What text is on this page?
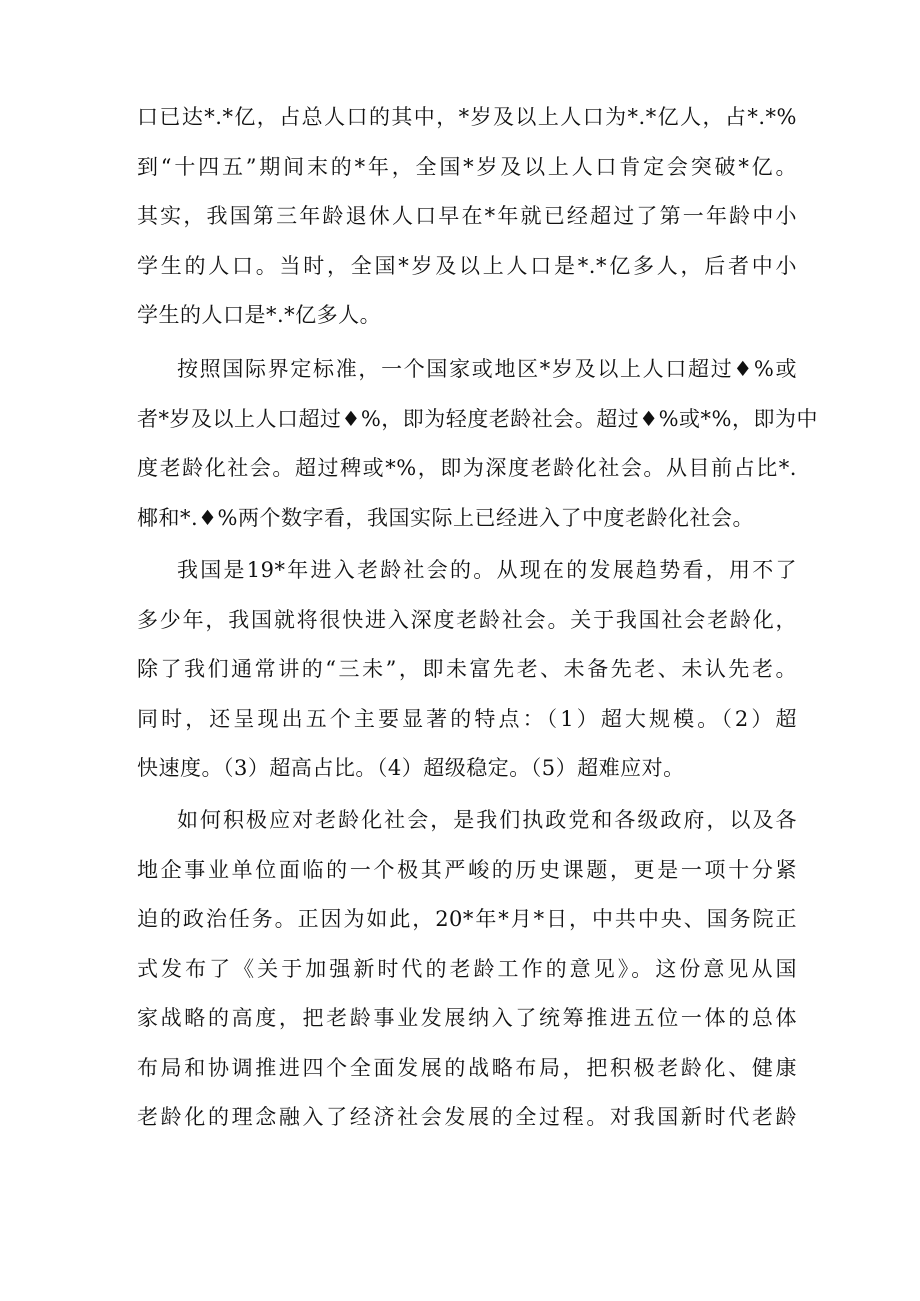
口已达*.*亿，占总人口的其中，*岁及以上人口为*.*亿人，占*.*%
到“十四五”期间末的*年，全国*岁及以上人口肯定会突破*亿。
其实，我国第三年龄退休人口早在*年就已经超过了第一年龄中小
学生的人口。当时，全国*岁及以上人口是*.*亿多人，后者中小
学生的人口是*.*亿多人。
按照国际界定标准，一个国家或地区*岁及以上人口超过♦%或
者*岁及以上人口超过♦%，即为轻度老龄社会。超过♦%或*%，即为中
度老龄化社会。超过稗或*%，即为深度老龄化社会。从目前占比*.
椰和*.♦%两个数字看，我国实际上已经进入了中度老龄化社会。
我国是19*年进入老龄社会的。从现在的发展趋势看，用不了
多少年，我国就将很快进入深度老龄社会。关于我国社会老龄化，
除了我们通常讲的“三未”，即未富先老、未备先老、未认先老。
同时，还呈现出五个主要显著的特点：（1）超大规模。（2）超
快速度。（3）超高占比。（4）超级稳定。（5）超难应对。
如何积极应对老龄化社会，是我们执政党和各级政府，以及各
地企事业单位面临的一个极其严峻的历史课题，更是一项十分紧
迫的政治任务。正因为如此，20*年*月*日，中共中央、国务院正
式发布了《关于加强新时代的老龄工作的意见》。这份意见从国
家战略的高度，把老龄事业发展纳入了统筹推进五位一体的总体
布局和协调推进四个全面发展的战略布局，把积极老龄化、健康
老龄化的理念融入了经济社会发展的全过程。对我国新时代老龄
